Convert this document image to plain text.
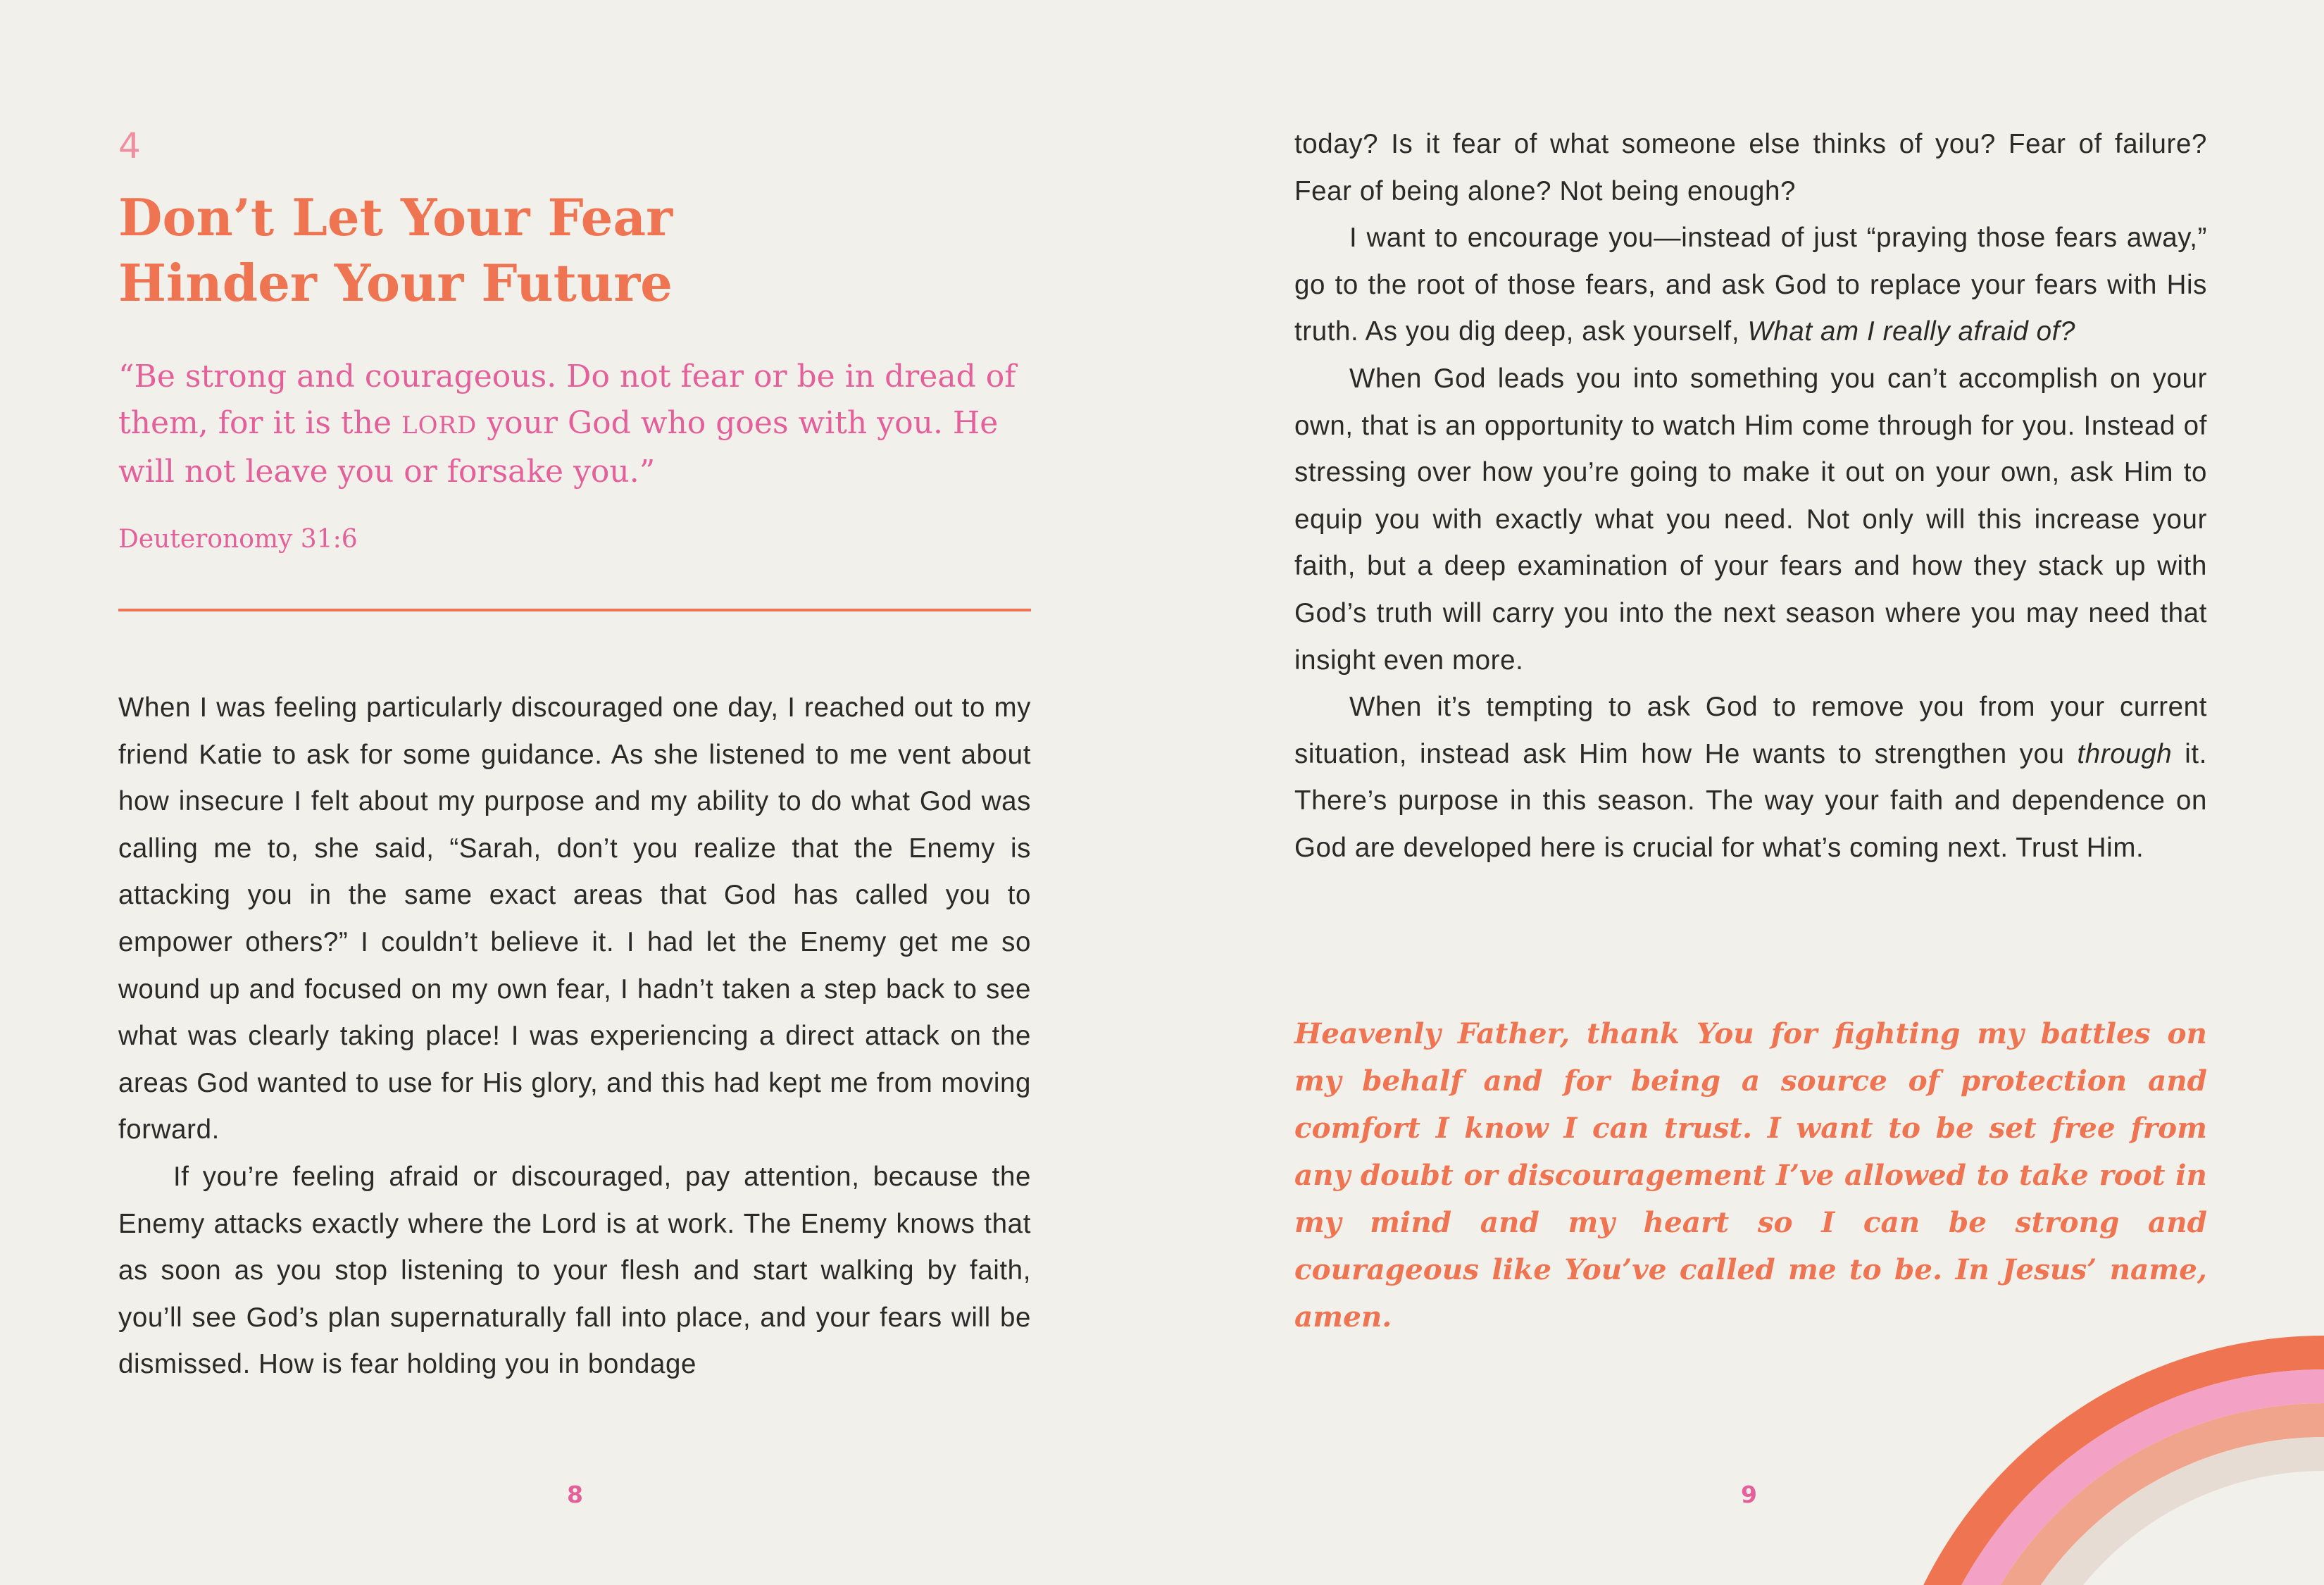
4

Don’t Let Your Fear
Hinder Your Future

“Be strong and courageous. Do not fear or be in dread of them, for it is the LORD your God who goes with you. He will not leave you or forsake you.”

Deuteronomy 31:6

When I was feeling particularly discouraged one day, I reached out to my friend Katie to ask for some guidance. As she listened to me vent about how insecure I felt about my purpose and my ability to do what God was calling me to, she said, “Sarah, don’t you realize that the Enemy is attacking you in the same exact areas that God has called you to empower others?” I couldn’t believe it. I had let the Enemy get me so wound up and focused on my own fear, I hadn’t taken a step back to see what was clearly taking place! I was experiencing a direct attack on the areas God wanted to use for His glory, and this had kept me from moving forward.

If you’re feeling afraid or discouraged, pay attention, because the Enemy attacks exactly where the Lord is at work. The Enemy knows that as soon as you stop listening to your flesh and start walking by faith, you’ll see God’s plan supernaturally fall into place, and your fears will be dismissed. How is fear holding you in bondage

8

today? Is it fear of what someone else thinks of you? Fear of failure? Fear of being alone? Not being enough?

I want to encourage you—instead of just “praying those fears away,” go to the root of those fears, and ask God to replace your fears with His truth. As you dig deep, ask yourself, What am I really afraid of?

When God leads you into something you can’t accomplish on your own, that is an opportunity to watch Him come through for you. Instead of stressing over how you’re going to make it out on your own, ask Him to equip you with exactly what you need. Not only will this increase your faith, but a deep examination of your fears and how they stack up with God’s truth will carry you into the next season where you may need that insight even more.

When it’s tempting to ask God to remove you from your current situation, instead ask Him how He wants to strengthen you through it. There’s purpose in this season. The way your faith and dependence on God are developed here is crucial for what’s coming next. Trust Him.

Heavenly Father, thank You for fighting my battles on my behalf and for being a source of protection and comfort I know I can trust. I want to be set free from any doubt or discouragement I’ve allowed to take root in my mind and my heart so I can be strong and courageous like You’ve called me to be. In Jesus’ name, amen.

9
